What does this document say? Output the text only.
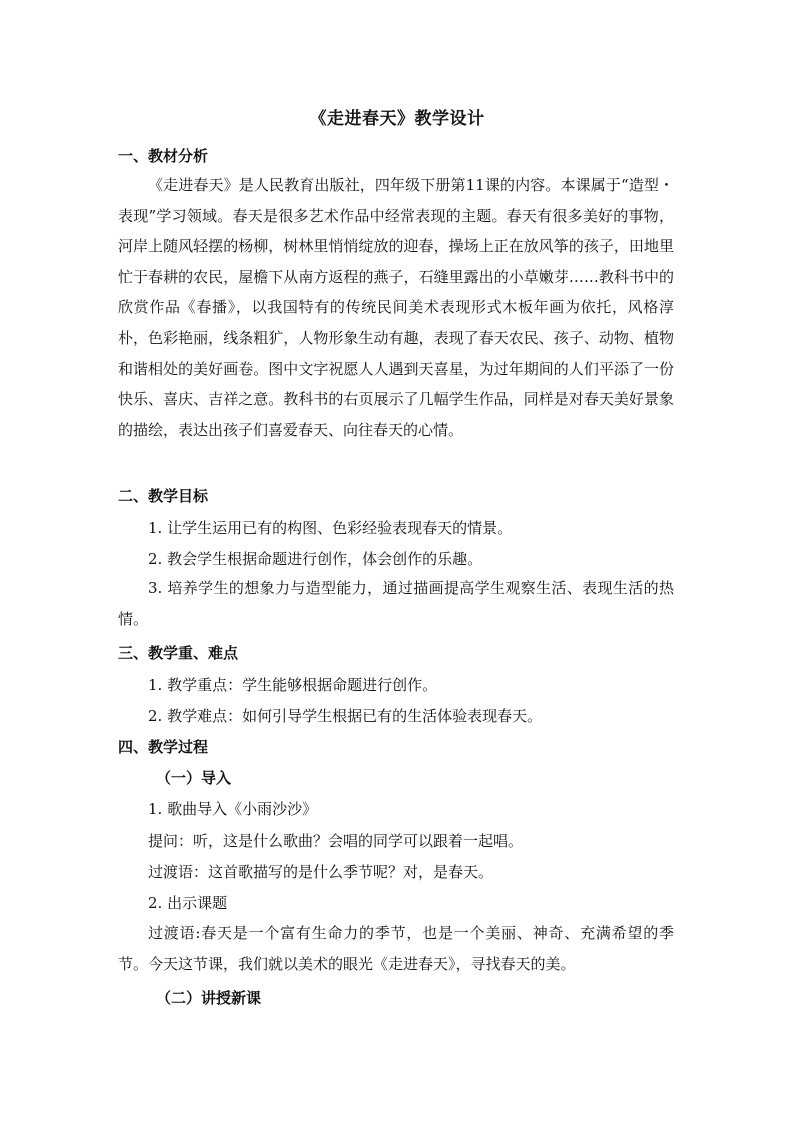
《走进春天》教学设计
一、教材分析

《走进春天》是人民教育出版社，四年级下册第11课的内容。本课属于“造型・表现”学习领域。春天是很多艺术作品中经常表现的主题。春天有很多美好的事物，河岸上随风轻摆的杨柳，树林里悄悄绽放的迎春，操场上正在放风筝的孩子，田地里忙于春耕的农民，屋檐下从南方返程的燕子，石缝里露出的小草嫩芽……教科书中的欣赏作品《春播》，以我国特有的传统民间美术表现形式木板年画为依托，风格淳朴，色彩艳丽，线条粗犷，人物形象生动有趣，表现了春天农民、孩子、动物、植物和谐相处的美好画卷。图中文字祝愿人人遇到天喜星，为过年期间的人们平添了一份快乐、喜庆、吉祥之意。教科书的右页展示了几幅学生作品，同样是对春天美好景象的描绘，表达出孩子们喜爱春天、向往春天的心情。

二、教学目标
1. 让学生运用已有的构图、色彩经验表现春天的情景。
2. 教会学生根据命题进行创作，体会创作的乐趣。

3. 培养学生的想象力与造型能力，通过描画提高学生观察生活、表现生活的热情。

三、教学重、难点
1. 教学重点：学生能够根据命题进行创作。
2. 教学难点：如何引导学生根据已有的生活体验表现春天。
四、教学过程
（一）导入
1. 歌曲导入《小雨沙沙》
提问：听，这是什么歌曲？会唱的同学可以跟着一起唱。
过渡语：这首歌描写的是什么季节呢？对，是春天。
2. 出示课题

过渡语:春天是一个富有生命力的季节，也是一个美丽、神奇、充满希望的季节。今天这节课，我们就以美术的眼光《走进春天》，寻找春天的美。

（二）讲授新课
